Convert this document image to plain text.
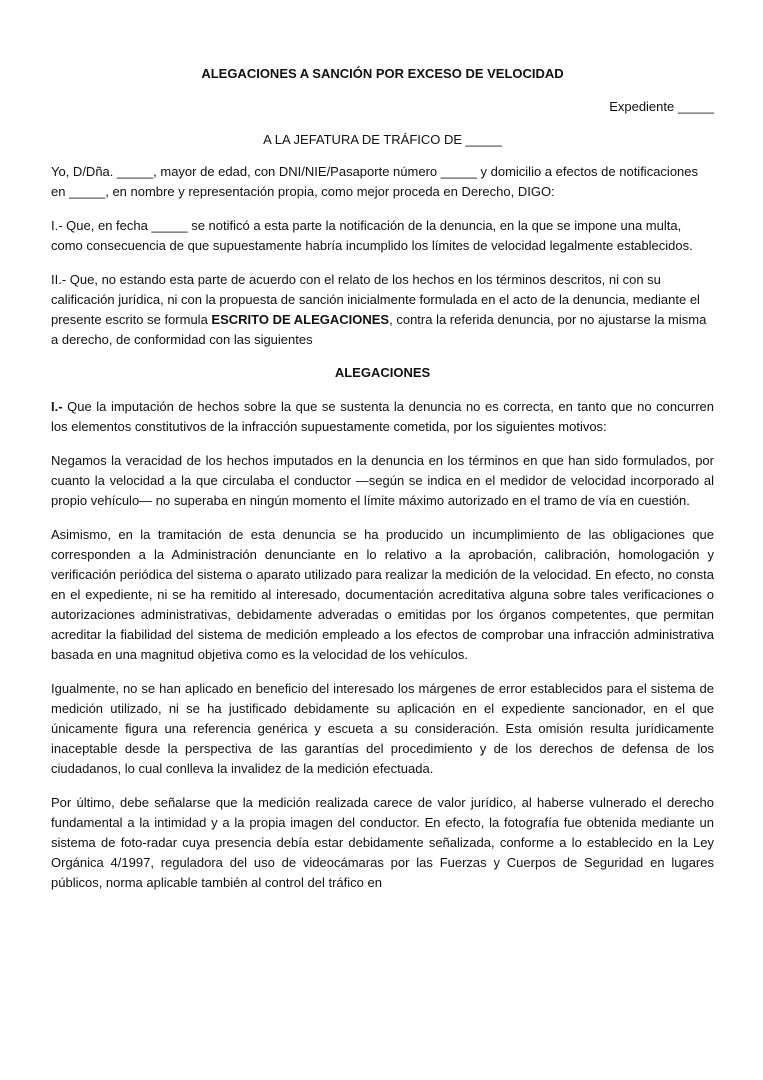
ALEGACIONES A SANCIÓN POR EXCESO DE VELOCIDAD

Expediente _____

A LA JEFATURA DE TRÁFICO DE _____

Yo, D/Dña. _____, mayor de edad, con DNI/NIE/Pasaporte número _____ y domicilio a efectos de notificaciones en _____, en nombre y representación propia, como mejor proceda en Derecho, DIGO:

I.- Que, en fecha _____ se notificó a esta parte la notificación de la denuncia, en la que se impone una multa, como consecuencia de que supuestamente habría incumplido los límites de velocidad legalmente establecidos.

II.- Que, no estando esta parte de acuerdo con el relato de los hechos en los términos descritos, ni con su calificación jurídica, ni con la propuesta de sanción inicialmente formulada en el acto de la denuncia, mediante el presente escrito se formula ESCRITO DE ALEGACIONES, contra la referida denuncia, por no ajustarse la misma a derecho, de conformidad con las siguientes

ALEGACIONES

I.- Que la imputación de hechos sobre la que se sustenta la denuncia no es correcta, en tanto que no concurren los elementos constitutivos de la infracción supuestamente cometida, por los siguientes motivos:

Negamos la veracidad de los hechos imputados en la denuncia en los términos en que han sido formulados, por cuanto la velocidad a la que circulaba el conductor —según se indica en el medidor de velocidad incorporado al propio vehículo— no superaba en ningún momento el límite máximo autorizado en el tramo de vía en cuestión.

Asimismo, en la tramitación de esta denuncia se ha producido un incumplimiento de las obligaciones que corresponden a la Administración denunciante en lo relativo a la aprobación, calibración, homologación y verificación periódica del sistema o aparato utilizado para realizar la medición de la velocidad. En efecto, no consta en el expediente, ni se ha remitido al interesado, documentación acreditativa alguna sobre tales verificaciones o autorizaciones administrativas, debidamente adveradas o emitidas por los órganos competentes, que permitan acreditar la fiabilidad del sistema de medición empleado a los efectos de comprobar una infracción administrativa basada en una magnitud objetiva como es la velocidad de los vehículos.

Igualmente, no se han aplicado en beneficio del interesado los márgenes de error establecidos para el sistema de medición utilizado, ni se ha justificado debidamente su aplicación en el expediente sancionador, en el que únicamente figura una referencia genérica y escueta a su consideración. Esta omisión resulta jurídicamente inaceptable desde la perspectiva de las garantías del procedimiento y de los derechos de defensa de los ciudadanos, lo cual conlleva la invalidez de la medición efectuada.

Por último, debe señalarse que la medición realizada carece de valor jurídico, al haberse vulnerado el derecho fundamental a la intimidad y a la propia imagen del conductor. En efecto, la fotografía fue obtenida mediante un sistema de foto-radar cuya presencia debía estar debidamente señalizada, conforme a lo establecido en la Ley Orgánica 4/1997, reguladora del uso de videocámaras por las Fuerzas y Cuerpos de Seguridad en lugares públicos, norma aplicable también al control del tráfico en
